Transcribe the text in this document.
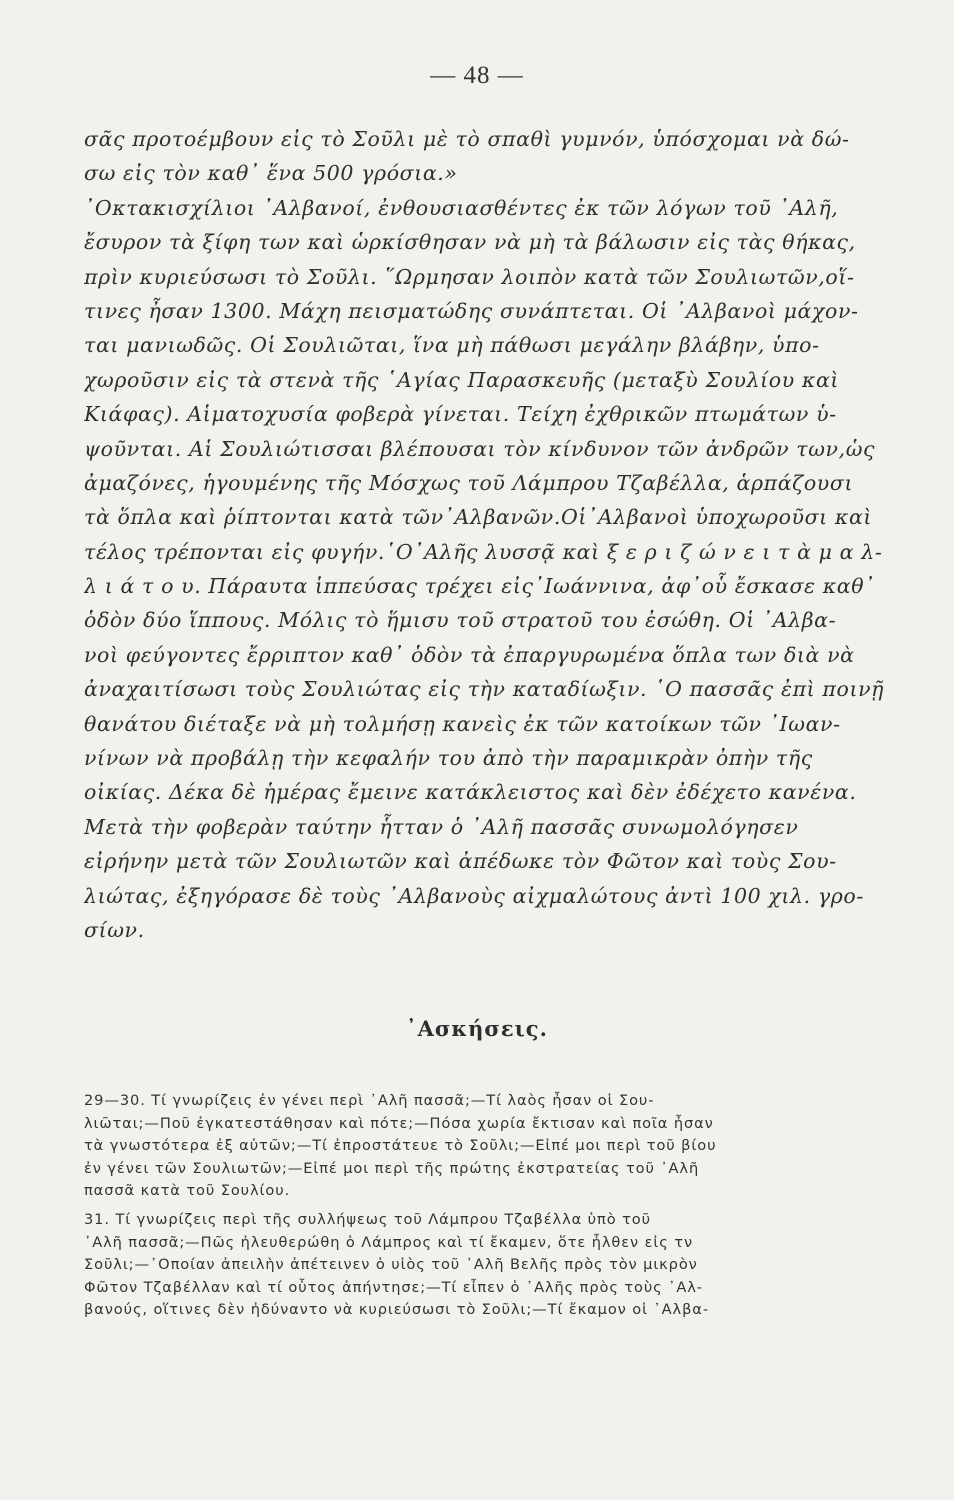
— 48 —
σᾶς προτοέμβουν εἰς τὸ Σοῦλι μὲ τὸ σπαθὶ γυμνόν, ὑπόσχομαι νὰ δώ-
σω εἰς τὸν καθ᾽ ἕνα 500 γρόσια.»
᾿Οκτακισχίλιοι ᾿Αλβανοί, ἐνθουσιασθέντες ἐκ τῶν λόγων τοῦ ᾿Αλῆ,
ἔσυρον τὰ ξίφη των καὶ ὡρκίσθησαν νὰ μὴ τὰ βάλωσιν εἰς τὰς θήκας,
πρὶν κυριεύσωσι τὸ Σοῦλι. ῞Ωρμησαν λοιπὸν κατὰ τῶν Σουλιωτῶν,οἵ-
τινες ἦσαν 1300. Μάχη πεισματώδης συνάπτεται. Οἱ ᾿Αλβανοὶ μάχον-
ται μανιωδῶς. Οἱ Σουλιῶται, ἵνα μὴ πάθωσι μεγάλην βλάβην, ὑπο-
χωροῦσιν εἰς τὰ στενὰ τῆς ῾Αγίας Παρασκευῆς (μεταξὺ Σουλίου καὶ
Κιάφας). Αἱματοχυσία φοβερὰ γίνεται. Τείχη ἐχθρικῶν πτωμάτων ὑ-
ψοῦνται. Αἱ Σουλιώτισσαι βλέπουσαι τὸν κίνδυνον τῶν ἀνδρῶν των,ὡς
ἀμαζόνες, ἡγουμένης τῆς Μόσχως τοῦ Λάμπρου Τζαβέλλα, ἁρπάζουσι
τὰ ὅπλα καὶ ῥίπτονται κατὰ τῶν᾿Αλβανῶν.Οἱ᾿Αλβανοὶ ὑποχωροῦσι καὶ
τέλος τρέπονται εἰς φυγήν.῾Ο᾿Αλῆς λυσσᾷ καὶ ξ ε ρ ι ζ ώ ν ε ι τ ὰ μ α λ-
λ ι ά τ ο υ. Πάραυτα ἱππεύσας τρέχει εἰς᾿Ιωάννινα, ἀφ᾿οὗ ἔσκασε καθ᾿
ὁδὸν δύο ἵππους. Μόλις τὸ ἥμισυ τοῦ στρατοῦ του ἐσώθη. Οἱ ᾿Αλβα-
νοὶ φεύγοντες ἔρριπτον καθ᾿ ὁδὸν τὰ ἐπαργυρωμένα ὅπλα των διὰ νὰ
ἀναχαιτίσωσι τοὺς Σουλιώτας εἰς τὴν καταδίωξιν. ῾Ο πασσᾶς ἐπὶ ποινῇ
θανάτου διέταξε νὰ μὴ τολμήσῃ κανεὶς ἐκ τῶν κατοίκων τῶν ᾿Ιωαν-
νίνων νὰ προβάλῃ τὴν κεφαλήν του ἀπὸ τὴν παραμικρὰν ὀπὴν τῆς
οἰκίας. Δέκα δὲ ἡμέρας ἔμεινε κατάκλειστος καὶ δὲν ἐδέχετο κανένα.
Μετὰ τὴν φοβερὰν ταύτην ἧτταν ὁ ᾿Αλῆ πασσᾶς συνωμολόγησεν
εἰρήνην μετὰ τῶν Σουλιωτῶν καὶ ἀπέδωκε τὸν Φῶτον καὶ τοὺς Σου-
λιώτας, ἐξηγόρασε δὲ τοὺς ᾿Αλβανοὺς αἰχμαλώτους ἀντὶ 100 χιλ. γρο-
σίων.
᾿Ασκήσεις.
29—30. Τί γνωρίζεις ἐν γένει περὶ ᾿Αλῆ πασσᾶ;—Τί λαὸς ἦσαν οἱ Σου-
λιῶται;—Ποῦ ἐγκατεστάθησαν καὶ πότε;—Πόσα χωρία ἔκτισαν καὶ ποῖα ἦσαν
τὰ γνωστότερα ἐξ αὐτῶν;—Τί ἐπροστάτευε τὸ Σοῦλι;—Εἰπέ μοι περὶ τοῦ βίου
ἐν γένει τῶν Σουλιωτῶν;—Εἰπέ μοι περὶ τῆς πρώτης ἐκστρατείας τοῦ ᾿Αλῆ
πασσᾶ κατὰ τοῦ Σουλίου.
31. Τί γνωρίζεις περὶ τῆς συλλήψεως τοῦ Λάμπρου Τζαβέλλα ὑπὸ τοῦ
᾿Αλῆ πασσᾶ;—Πῶς ἠλευθερώθη ὁ Λάμπρος καὶ τί ἔκαμεν, ὅτε ἦλθεν εἰς τν
Σοῦλι;—᾿Οποίαν ἀπειλὴν ἀπέτεινεν ὁ υἱὸς τοῦ ᾿Αλῆ Βελῆς πρὸς τὸν μικρὸν
Φῶτον Τζαβέλλαν καὶ τί οὗτος ἀπήντησε;—Τί εἶπεν ὁ ᾿Αλῆς πρὸς τοὺς ᾿Αλ-
βανούς, οἵτινες δὲν ἠδύναντο νὰ κυριεύσωσι τὸ Σοῦλι;—Τί ἔκαμον οἱ ᾿Αλβα-
